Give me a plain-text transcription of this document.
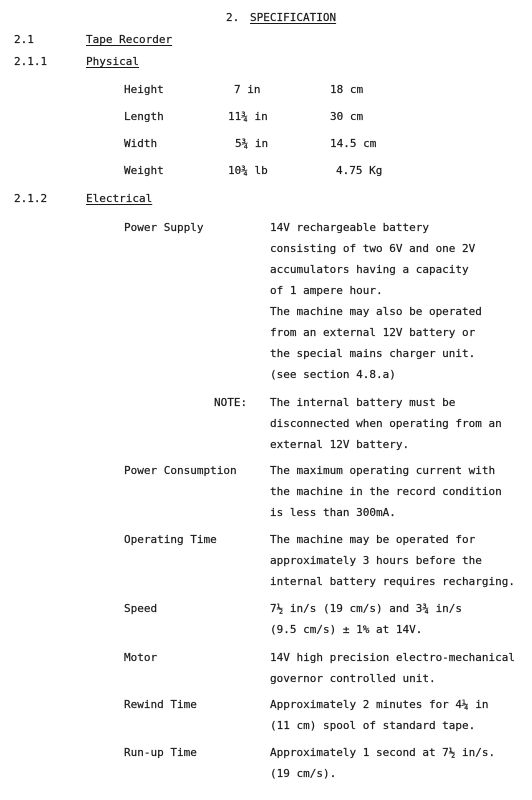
2. SPECIFICATION
2.1	Tape Recorder
2.1.1	Physical
Height	7 in	18 cm
Length	11¾ in	30 cm
Width	5¾ in	14.5 cm
Weight	10¾ lb	4.75 Kg
2.1.2	Electrical
Power Supply	14V rechargeable battery
consisting of two 6V and one 2V
accumulators having a capacity
of 1 ampere hour.
The machine may also be operated
from an external 12V battery or
the special mains charger unit.
(see section 4.8.a)
NOTE: The internal battery must be
disconnected when operating from an
external 12V battery.
Power Consumption	The maximum operating current with
the machine in the record condition
is less than 300mA.
Operating Time	The machine may be operated for
approximately 3 hours before the
internal battery requires recharging.
Speed	7½ in/s (19 cm/s) and 3¾ in/s
(9.5 cm/s) ± 1% at 14V.
Motor	14V high precision electro-mechanical
governor controlled unit.
Rewind Time	Approximately 2 minutes for 4¼ in
(11 cm) spool of standard tape.
Run-up Time	Approximately 1 second at 7½ in/s.
(19 cm/s).
